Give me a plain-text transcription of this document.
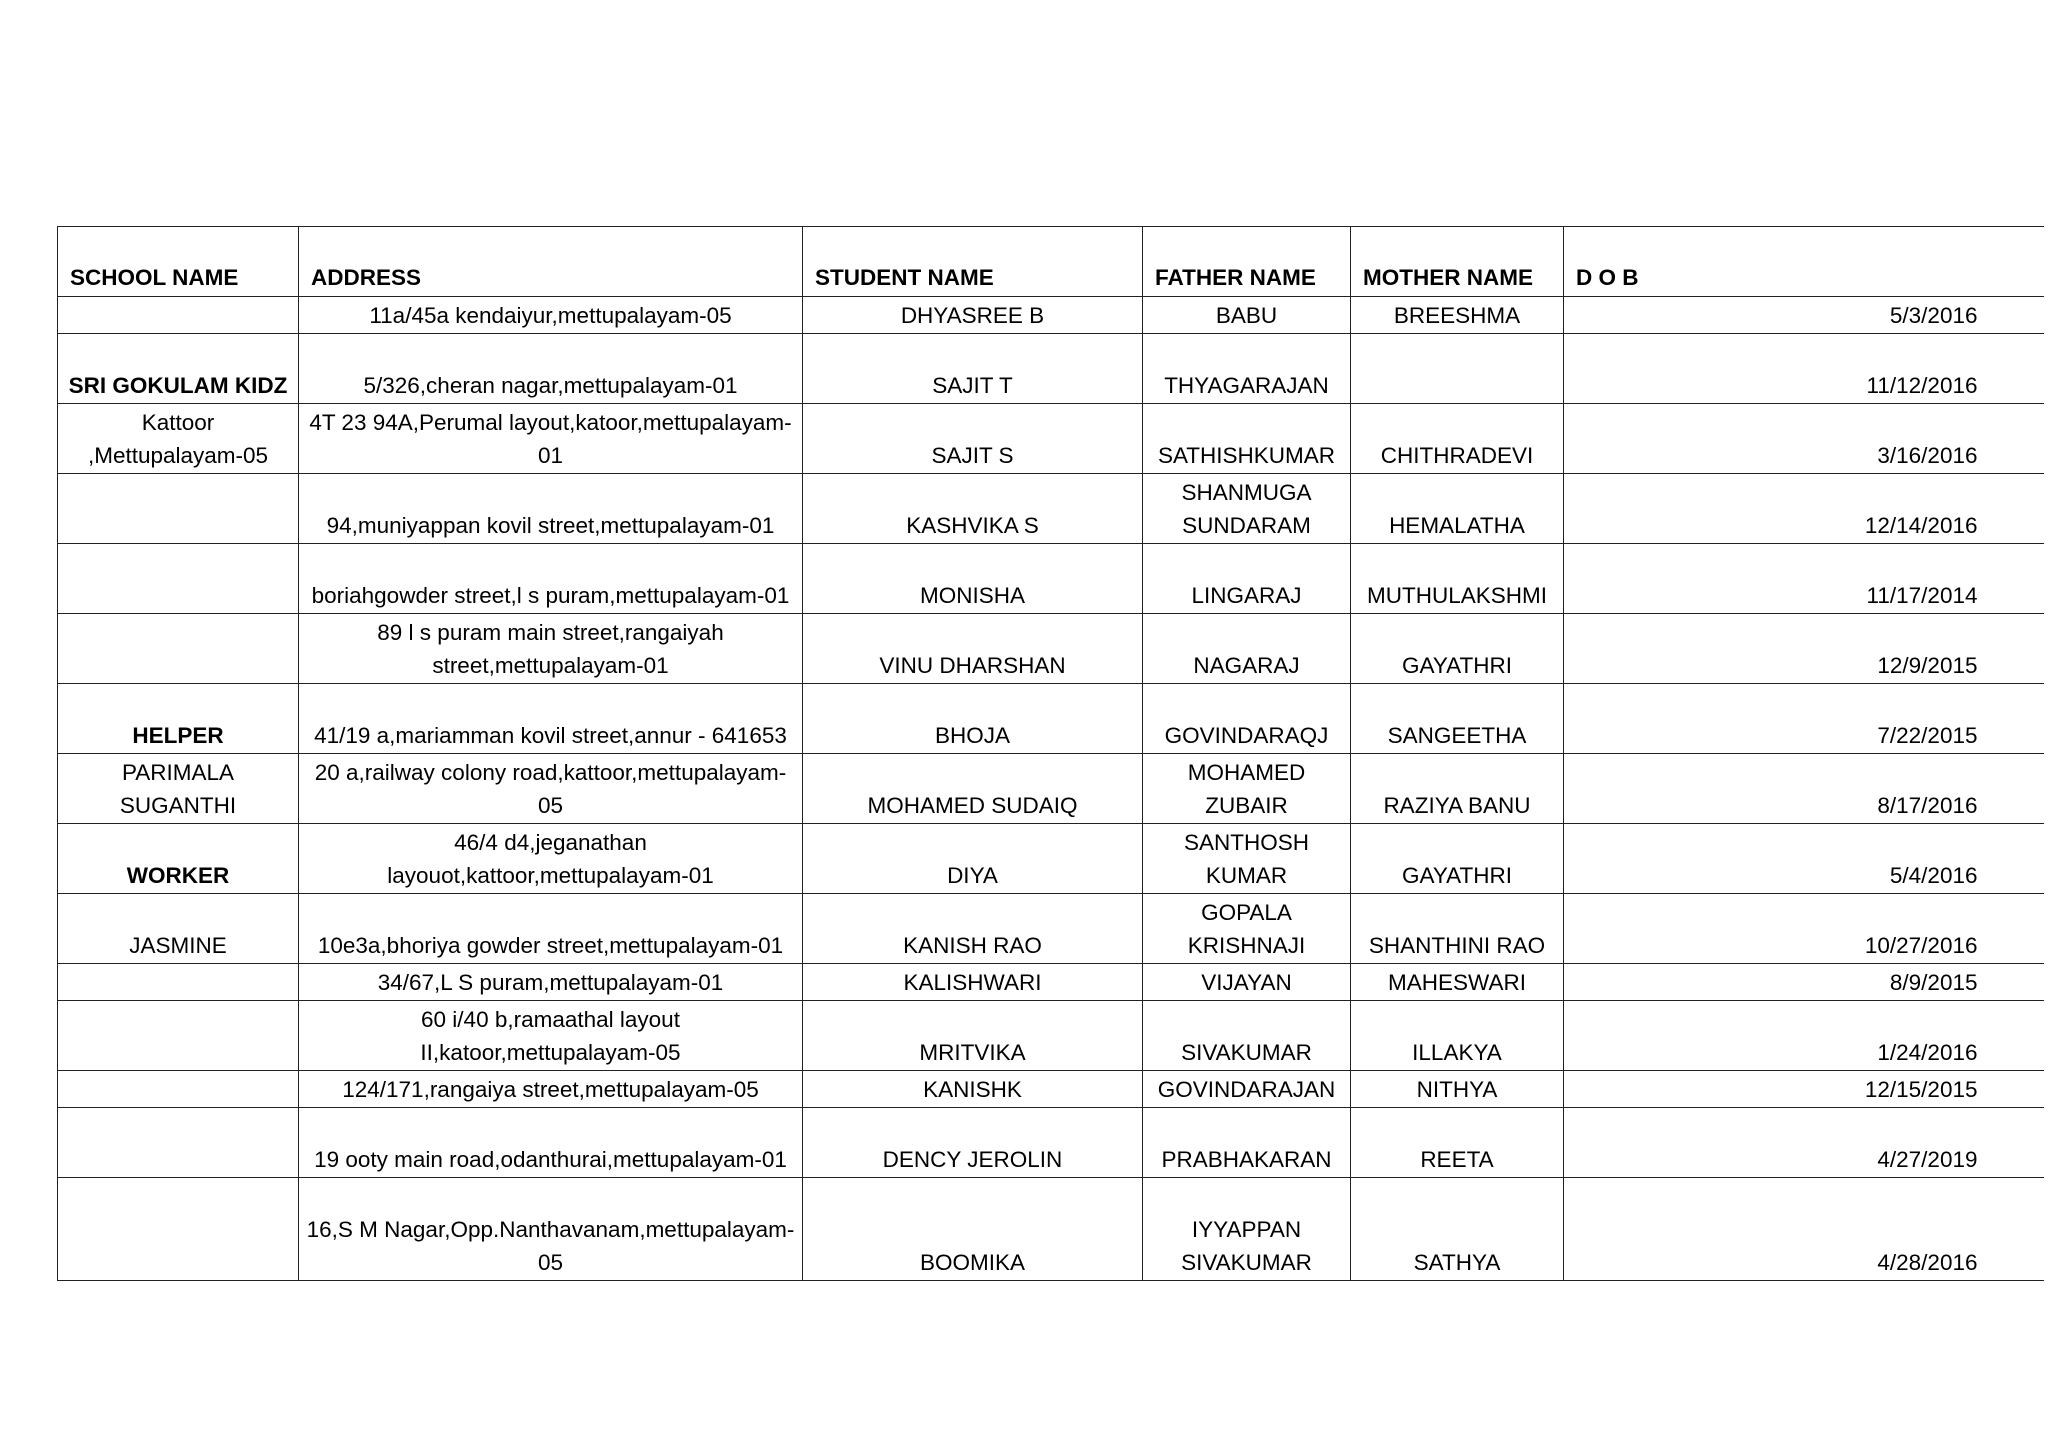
SCHOOL NAME	ADDRESS	STUDENT NAME	FATHER NAME	MOTHER NAME	D O B
	11a/45a kendaiyur,mettupalayam-05	DHYASREE B	BABU	BREESHMA	5/3/2016
SRI GOKULAM KIDZ	5/326,cheran nagar,mettupalayam-01	SAJIT T	THYAGARAJAN		11/12/2016
Kattoor ,Mettupalayam-05	4T 23 94A,Perumal layout,katoor,mettupalayam-01	SAJIT S	SATHISHKUMAR	CHITHRADEVI	3/16/2016
	94,muniyappan kovil street,mettupalayam-01	KASHVIKA S	SHANMUGA SUNDARAM	HEMALATHA	12/14/2016
	boriahgowder street,l s puram,mettupalayam-01	MONISHA	LINGARAJ	MUTHULAKSHMI	11/17/2014
	89 l s puram main street,rangaiyah street,mettupalayam-01	VINU DHARSHAN	NAGARAJ	GAYATHRI	12/9/2015
HELPER	41/19 a,mariamman kovil street,annur - 641653	BHOJA	GOVINDARAQJ	SANGEETHA	7/22/2015
PARIMALA SUGANTHI	20 a,railway colony road,kattoor,mettupalayam-05	MOHAMED SUDAIQ	MOHAMED ZUBAIR	RAZIYA BANU	8/17/2016
WORKER	46/4 d4,jeganathan layouot,kattoor,mettupalayam-01	DIYA	SANTHOSH KUMAR	GAYATHRI	5/4/2016
JASMINE	10e3a,bhoriya gowder street,mettupalayam-01	KANISH RAO	GOPALA KRISHNAJI	SHANTHINI RAO	10/27/2016
	34/67,L S puram,mettupalayam-01	KALISHWARI	VIJAYAN	MAHESWARI	8/9/2015
	60 i/40 b,ramaathal layout II,katoor,mettupalayam-05	MRITVIKA	SIVAKUMAR	ILLAKYA	1/24/2016
	124/171,rangaiya street,mettupalayam-05	KANISHK	GOVINDARAJAN	NITHYA	12/15/2015
	19 ooty main road,odanthurai,mettupalayam-01	DENCY JEROLIN	PRABHAKARAN	REETA	4/27/2019
	16,S M Nagar,Opp.Nanthavanam,mettupalayam-05	BOOMIKA	IYYAPPAN SIVAKUMAR	SATHYA	4/28/2016
